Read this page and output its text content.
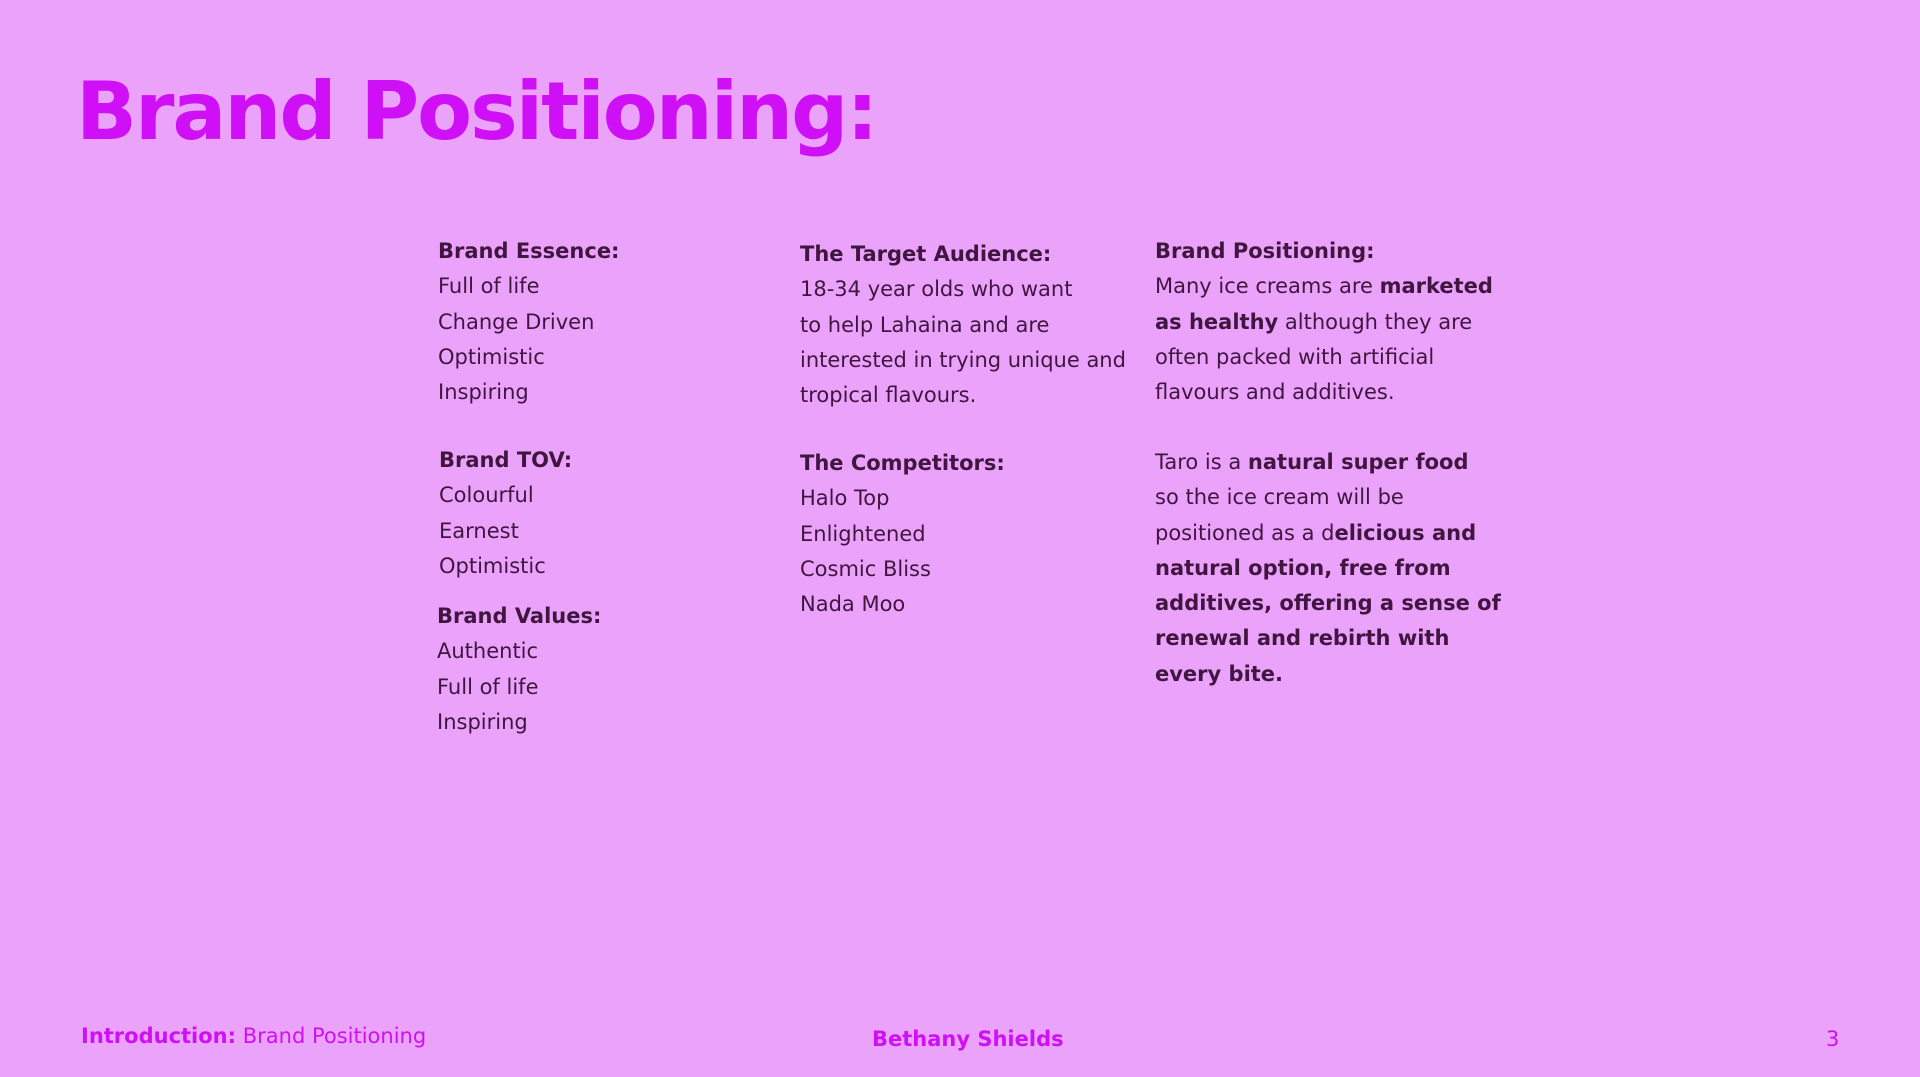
Brand Positioning:
Brand Essence:
Full of life
Change Driven
Optimistic
Inspiring
Brand TOV:
Colourful
Earnest
Optimistic
Brand Values:
Authentic
Full of life
Inspiring
The Target Audience:
18-34 year olds who want
to help Lahaina and are
interested in trying unique and
tropical flavours.
The Competitors:
Halo Top
Enlightened
Cosmic Bliss
Nada Moo
Brand Positioning:
Many ice creams are marketed
as healthy although they are
often packed with artificial
flavours and additives.
Taro is a natural super food
so the ice cream will be
positioned as a delicious and
natural option, free from
additives, offering a sense of
renewal and rebirth with
every bite.
Introduction: Brand Positioning	Bethany Shields	3
